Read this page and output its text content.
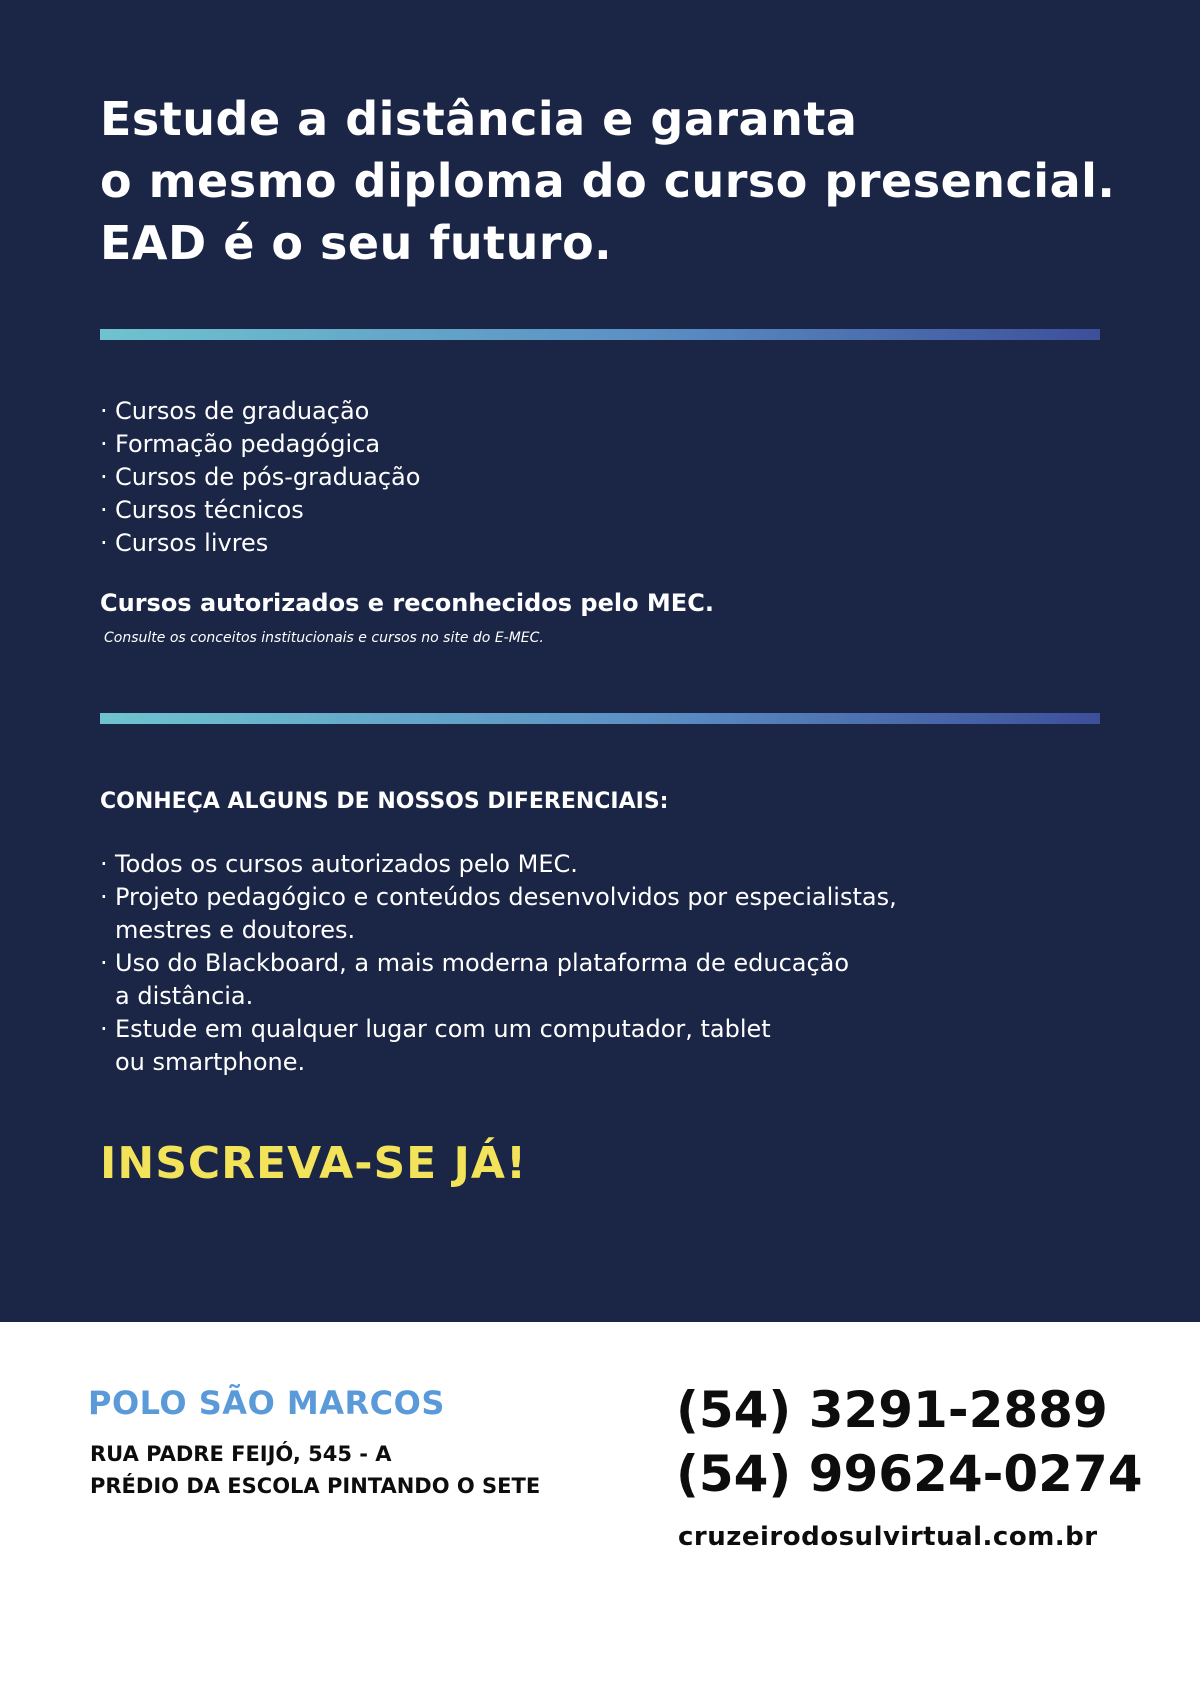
Estude a distância e garanta
o mesmo diploma do curso presencial.
EAD é o seu futuro.
· Cursos de graduação
· Formação pedagógica
· Cursos de pós-graduação
· Cursos técnicos
· Cursos livres
Cursos autorizados e reconhecidos pelo MEC.
Consulte os conceitos institucionais e cursos no site do E-MEC.
CONHEÇA ALGUNS DE NOSSOS DIFERENCIAIS:
· Todos os cursos autorizados pelo MEC.
· Projeto pedagógico e conteúdos desenvolvidos por especialistas,
mestres e doutores.
· Uso do Blackboard, a mais moderna plataforma de educação
a distância.
· Estude em qualquer lugar com um computador, tablet
ou smartphone.
INSCREVA-SE JÁ!
POLO SÃO MARCOS
RUA PADRE FEIJÓ, 545 - A
PRÉDIO DA ESCOLA PINTANDO O SETE
(54) 3291-2889
(54) 99624-0274
cruzeirodosulvirtual.com.br
